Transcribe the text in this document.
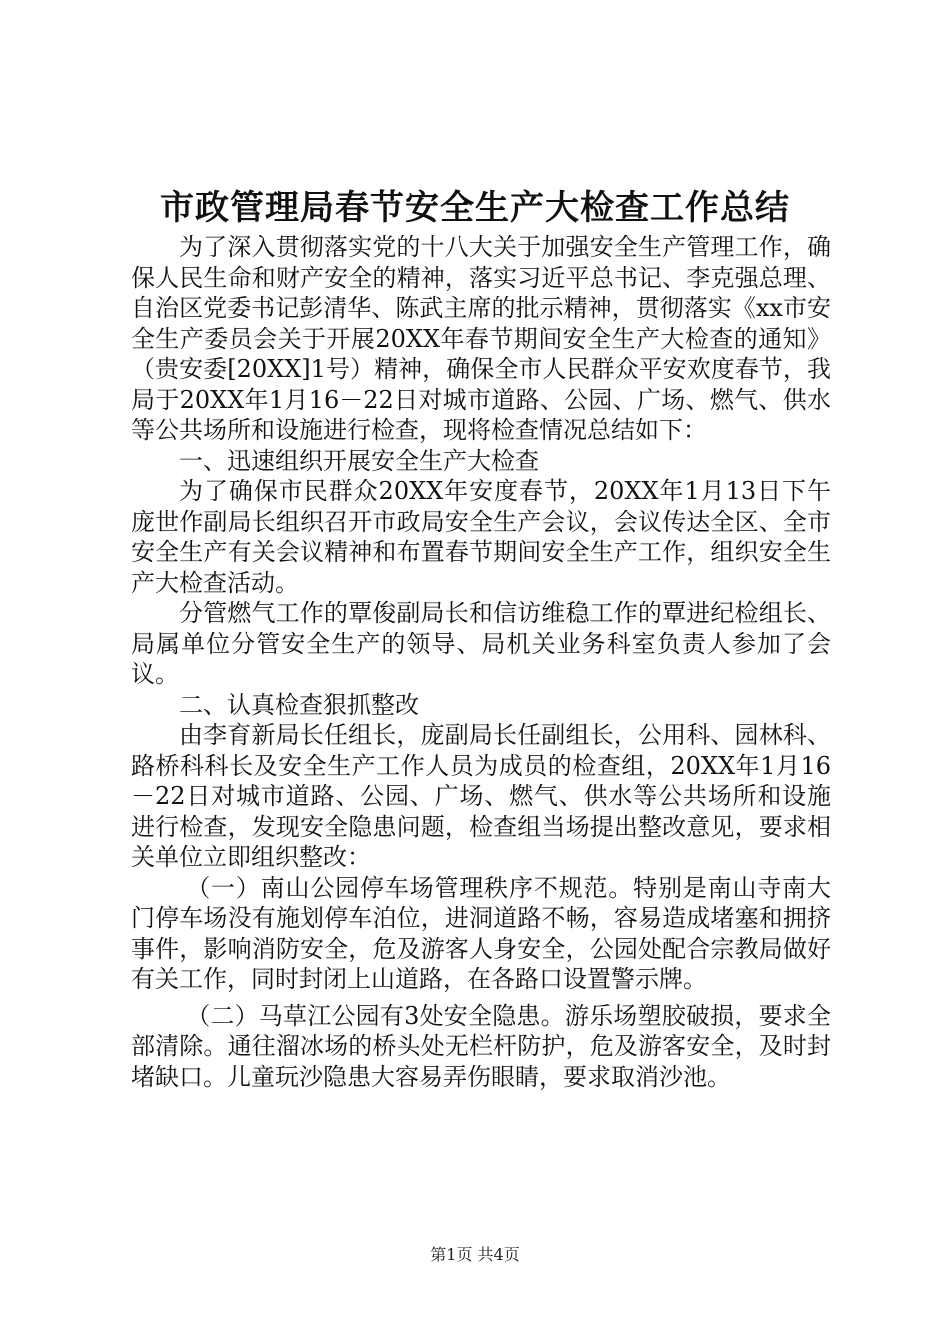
市政管理局春节安全生产大检查工作总结

为了深入贯彻落实党的十八大关于加强安全生产管理工作，确保人民生命和财产安全的精神，落实习近平总书记、李克强总理、自治区党委书记彭清华、陈武主席的批示精神，贯彻落实《xx市安全生产委员会关于开展20XX年春节期间安全生产大检查的通知》（贵安委[20XX]1号）精神，确保全市人民群众平安欢度春节，我局于20XX年1月16－22日对城市道路、公园、广场、燃气、供水等公共场所和设施进行检查，现将检查情况总结如下：

一、迅速组织开展安全生产大检查

为了确保市民群众20XX年安度春节，20XX年1月13日下午庞世作副局长组织召开市政局安全生产会议，会议传达全区、全市安全生产有关会议精神和布置春节期间安全生产工作，组织安全生产大检查活动。

分管燃气工作的覃俊副局长和信访维稳工作的覃进纪检组长、局属单位分管安全生产的领导、局机关业务科室负责人参加了会议。

二、认真检查狠抓整改

由李育新局长任组长，庞副局长任副组长，公用科、园林科、路桥科科长及安全生产工作人员为成员的检查组，20XX年1月16－22日对城市道路、公园、广场、燃气、供水等公共场所和设施进行检查，发现安全隐患问题，检查组当场提出整改意见，要求相关单位立即组织整改：

（一）南山公园停车场管理秩序不规范。特别是南山寺南大门停车场没有施划停车泊位，进洞道路不畅，容易造成堵塞和拥挤事件，影响消防安全，危及游客人身安全，公园处配合宗教局做好有关工作，同时封闭上山道路，在各路口设置警示牌。

（二）马草江公园有3处安全隐患。游乐场塑胶破损，要求全部清除。通往溜冰场的桥头处无栏杆防护，危及游客安全，及时封堵缺口。儿童玩沙隐患大容易弄伤眼睛，要求取消沙池。

第1页 共4页
